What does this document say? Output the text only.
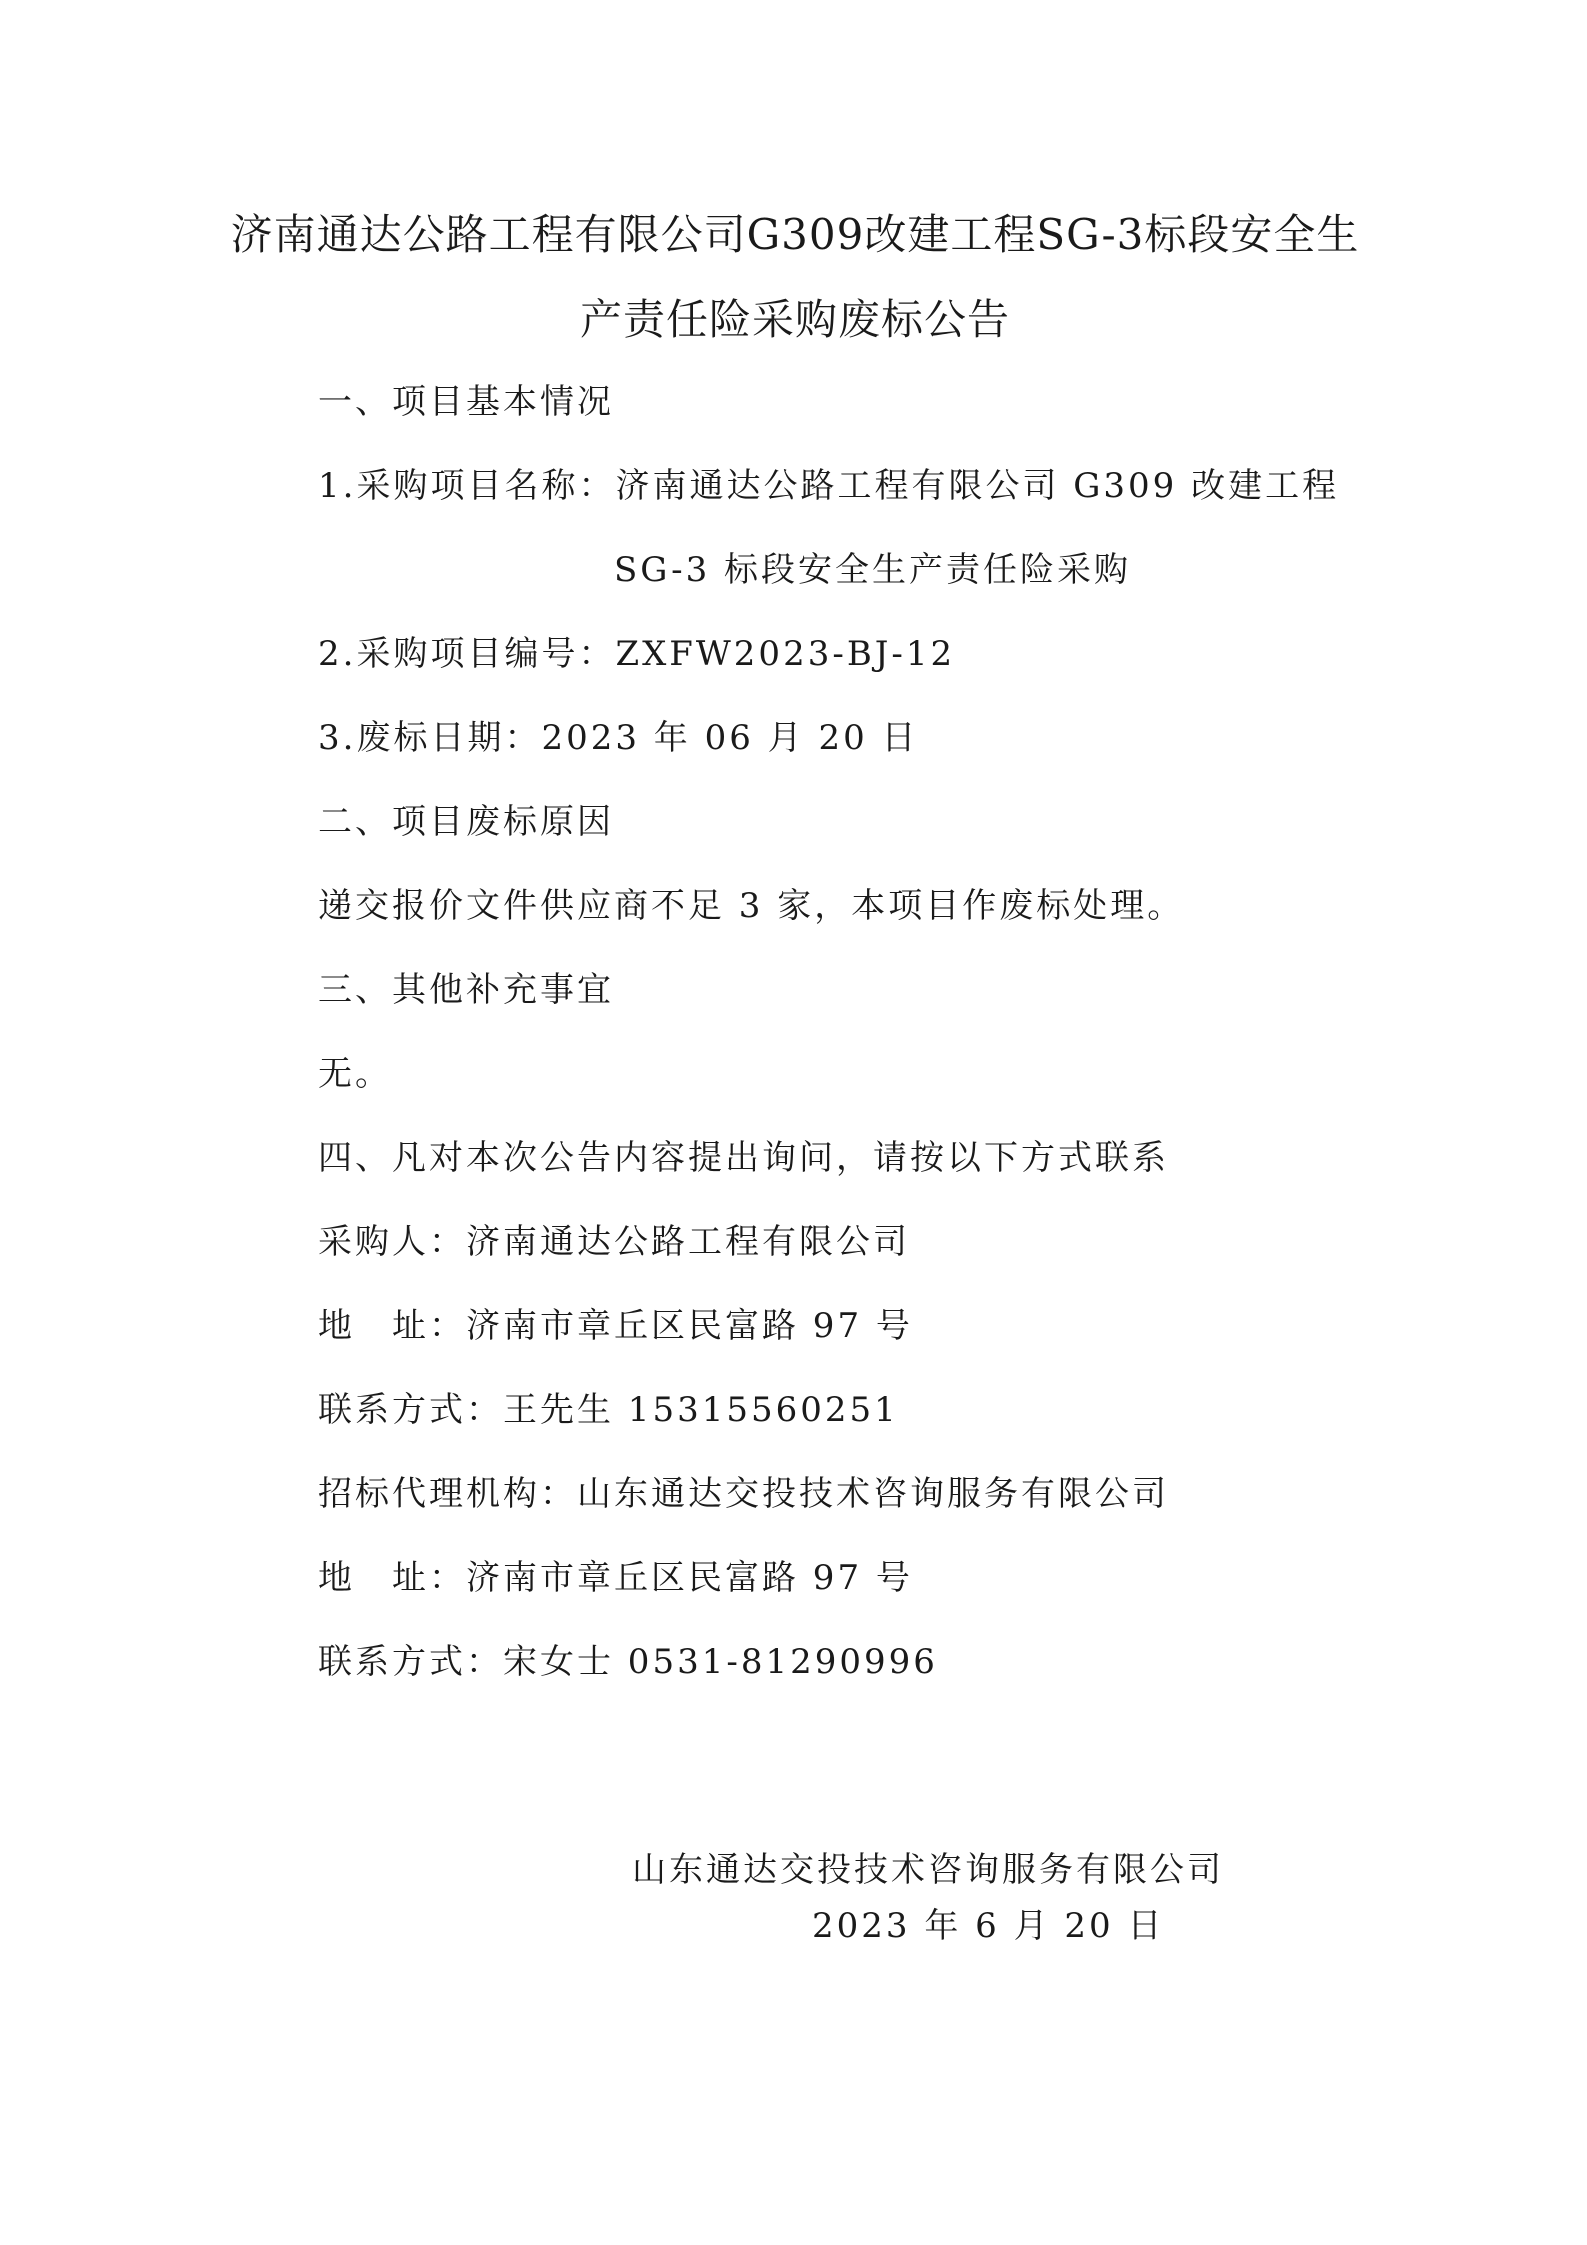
济南通达公路工程有限公司G309改建工程SG-3标段安全生
产责任险采购废标公告
一、项目基本情况
1.采购项目名称：济南通达公路工程有限公司 G309 改建工程
SG-3 标段安全生产责任险采购
2.采购项目编号：ZXFW2023-BJ-12
3.废标日期：2023 年 06 月 20 日
二、项目废标原因
递交报价文件供应商不足 3 家，本项目作废标处理。
三、其他补充事宜
无。
四、凡对本次公告内容提出询问，请按以下方式联系
采购人：济南通达公路工程有限公司
地　址：济南市章丘区民富路 97 号
联系方式：王先生 15315560251
招标代理机构：山东通达交投技术咨询服务有限公司
地　址：济南市章丘区民富路 97 号
联系方式：宋女士 0531-81290996
山东通达交投技术咨询服务有限公司
2023 年 6 月 20 日
